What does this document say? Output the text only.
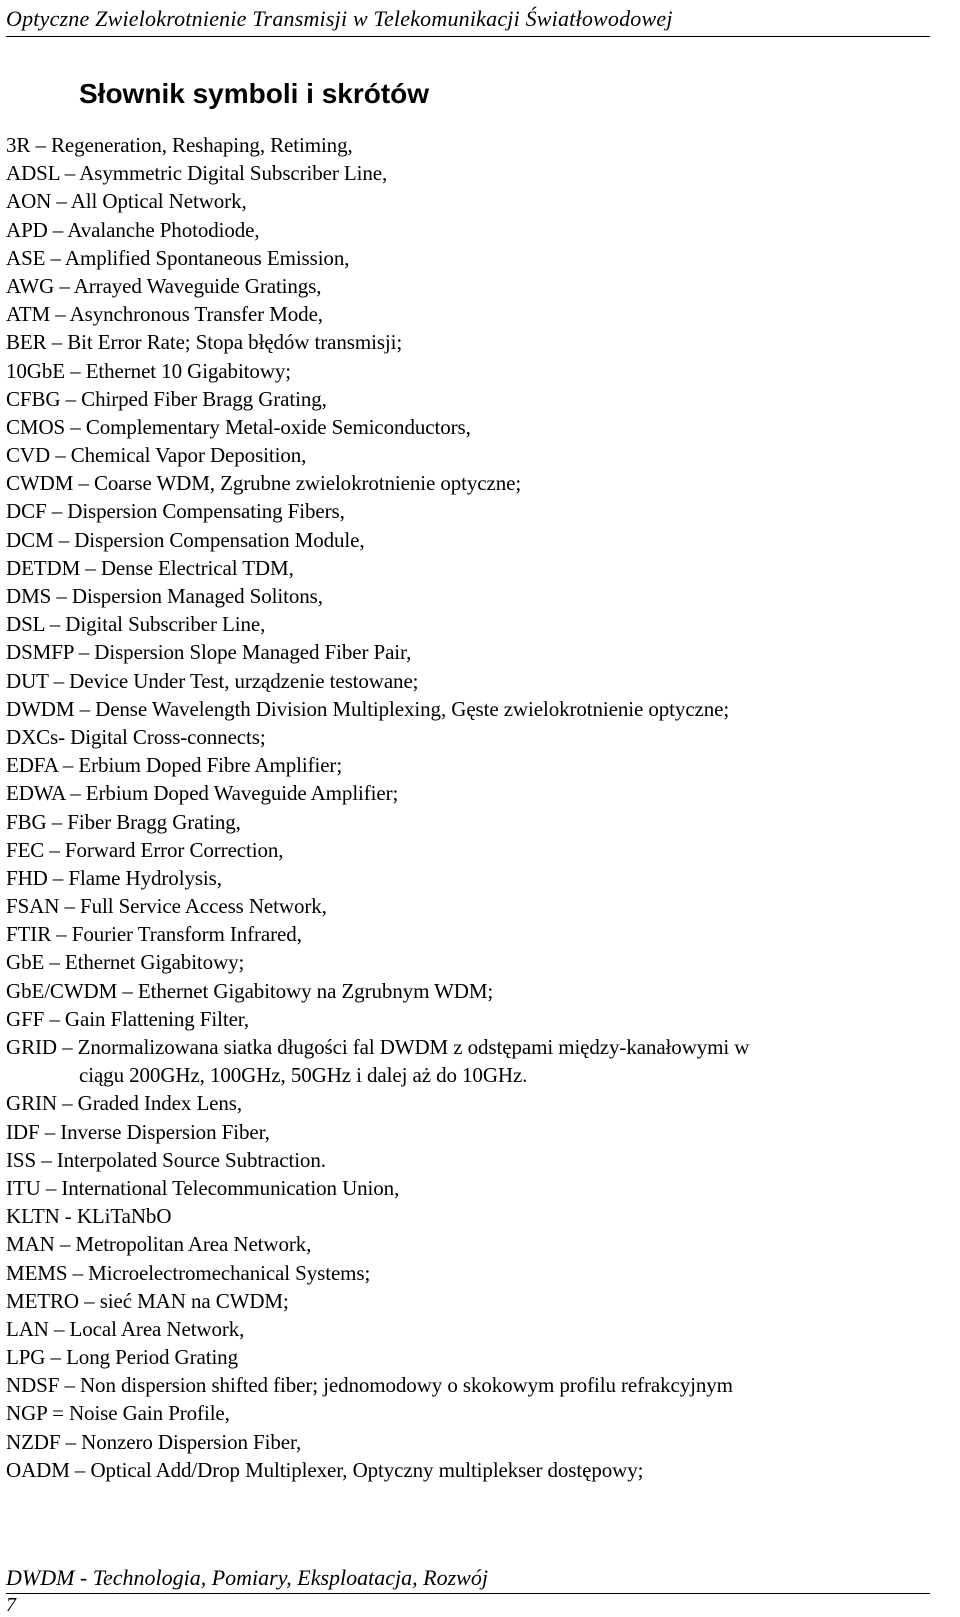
Optyczne Zwielokrotnienie Transmisji w Telekomunikacji Światłowodowej
Słownik symboli i skrótów
3R – Regeneration, Reshaping, Retiming,
ADSL – Asymmetric Digital Subscriber Line,
AON – All Optical Network,
APD – Avalanche Photodiode,
ASE – Amplified Spontaneous Emission,
AWG – Arrayed Waveguide Gratings,
ATM – Asynchronous Transfer Mode,
BER – Bit Error Rate; Stopa błędów transmisji;
10GbE – Ethernet 10 Gigabitowy;
CFBG – Chirped Fiber Bragg Grating,
CMOS – Complementary Metal-oxide Semiconductors,
CVD – Chemical Vapor Deposition,
CWDM – Coarse WDM, Zgrubne zwielokrotnienie optyczne;
DCF – Dispersion Compensating Fibers,
DCM – Dispersion Compensation Module,
DETDM – Dense Electrical TDM,
DMS – Dispersion Managed Solitons,
DSL – Digital Subscriber Line,
DSMFP – Dispersion Slope Managed Fiber Pair,
DUT – Device Under Test, urządzenie testowane;
DWDM – Dense Wavelength Division Multiplexing, Gęste zwielokrotnienie optyczne;
DXCs- Digital Cross-connects;
EDFA – Erbium Doped Fibre Amplifier;
EDWA – Erbium Doped Waveguide Amplifier;
FBG – Fiber Bragg Grating,
FEC – Forward Error Correction,
FHD – Flame Hydrolysis,
FSAN – Full Service Access Network,
FTIR – Fourier Transform Infrared,
GbE – Ethernet Gigabitowy;
GbE/CWDM – Ethernet Gigabitowy na Zgrubnym WDM;
GFF – Gain Flattening Filter,
GRID – Znormalizowana siatka długości fal DWDM z odstępami między-kanałowymi w
ciągu 200GHz, 100GHz, 50GHz i dalej aż do 10GHz.
GRIN – Graded Index Lens,
IDF – Inverse Dispersion Fiber,
ISS – Interpolated Source Subtraction.
ITU – International Telecommunication Union,
KLTN - KLiTaNbO
MAN – Metropolitan Area Network,
MEMS – Microelectromechanical Systems;
METRO – sieć MAN na CWDM;
LAN – Local Area Network,
LPG – Long Period Grating
NDSF – Non dispersion shifted fiber; jednomodowy o skokowym profilu refrakcyjnym
NGP = Noise Gain Profile,
NZDF – Nonzero Dispersion Fiber,
OADM – Optical Add/Drop Multiplexer, Optyczny multiplekser dostępowy;
DWDM - Technologia, Pomiary, Eksploatacja, Rozwój
7
